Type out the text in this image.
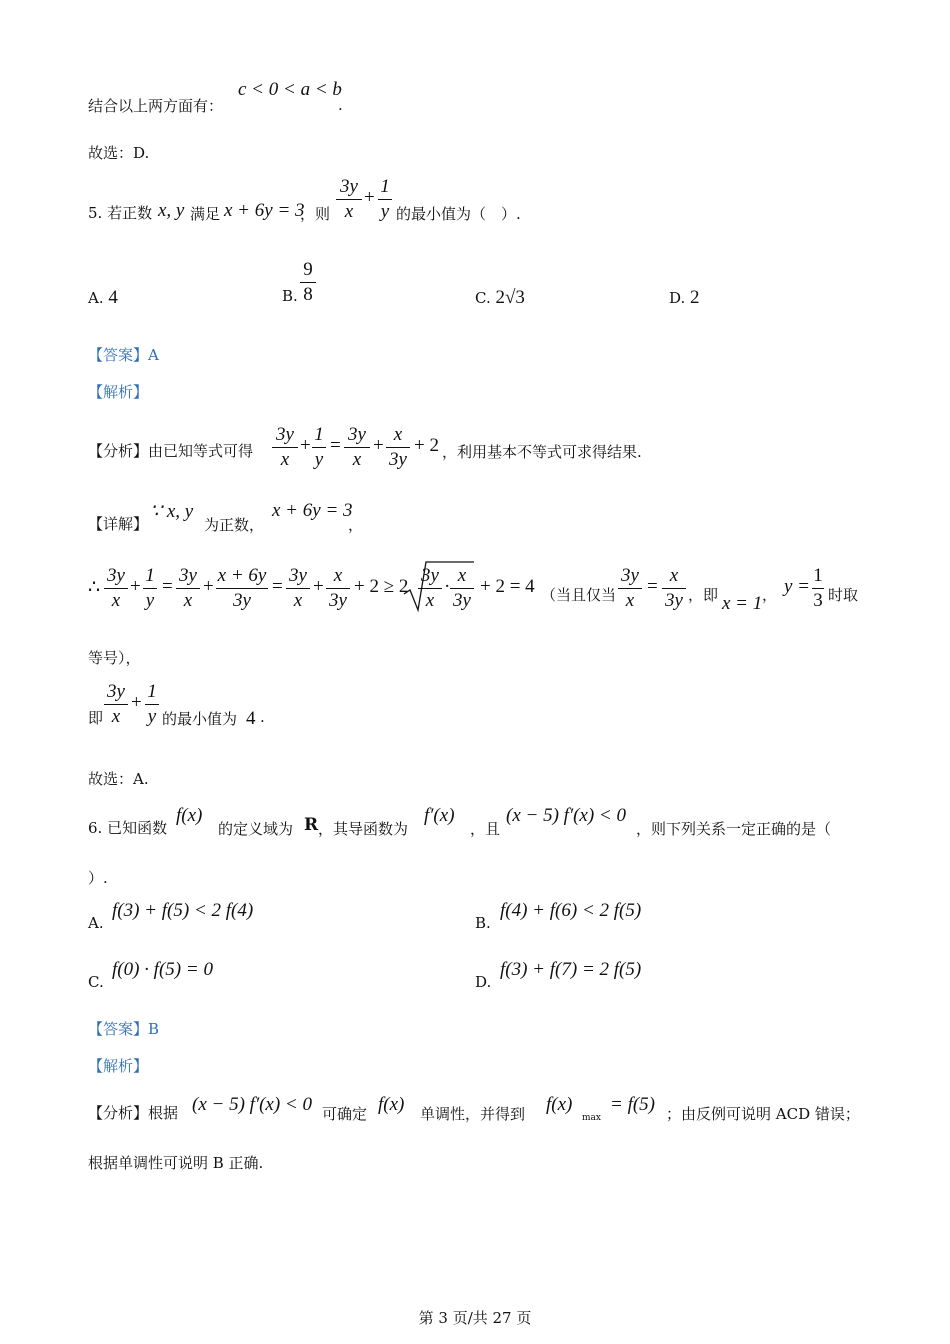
结合以上两方面有：
c < 0 < a < b
.
故选：D.
5. 若正数 x, y 满足 x + 6y = 3
，则
3y
x
+
1
y 的最小值为（　）.
A. 4	B.
9
8	C. 2√3	D. 2
【答案】A
【解析】
【分析】由已知等式可得
3y
x
+
1
y
=
3y
x
+
x
3y
+ 2 ，利用基本不等式可求得结果.
【详解】
∵ x, y
为正数，
x + 6y = 3
，
∴
3y
x
+
1
y
=
3y
x
+
x + 6y
3y
=
3y
x
+
x
3y
+ 2 ≥ 2
3y
x
·
x
3y
+ 2 = 4 （当且仅当
3y
x
=
x
3y ，即 x = 1 ， y =
1
3 时取
等号），
即
3y
x
+
1
y 的最小值为 4 .
故选：A.
6. 已知函数
f(x)
的定义域为 R ，其导函数为
f′(x)
，且
(x − 5) f′(x) < 0
，则下列关系一定正确的是（
）.
A.
f(3) + f(5) < 2 f(4)
B.
f(4) + f(6) < 2 f(5)
C.
f(0) · f(5) = 0
D.
f(3) + f(7) = 2 f(5)
【答案】B
【解析】
【分析】根据 (x − 5) f′(x) < 0 可确定 f(x) 单调性，并得到 f(x)
max
= f(5) ；由反例可说明 ACD 错误；
根据单调性可说明 B 正确.
第 3 页/共 27 页
